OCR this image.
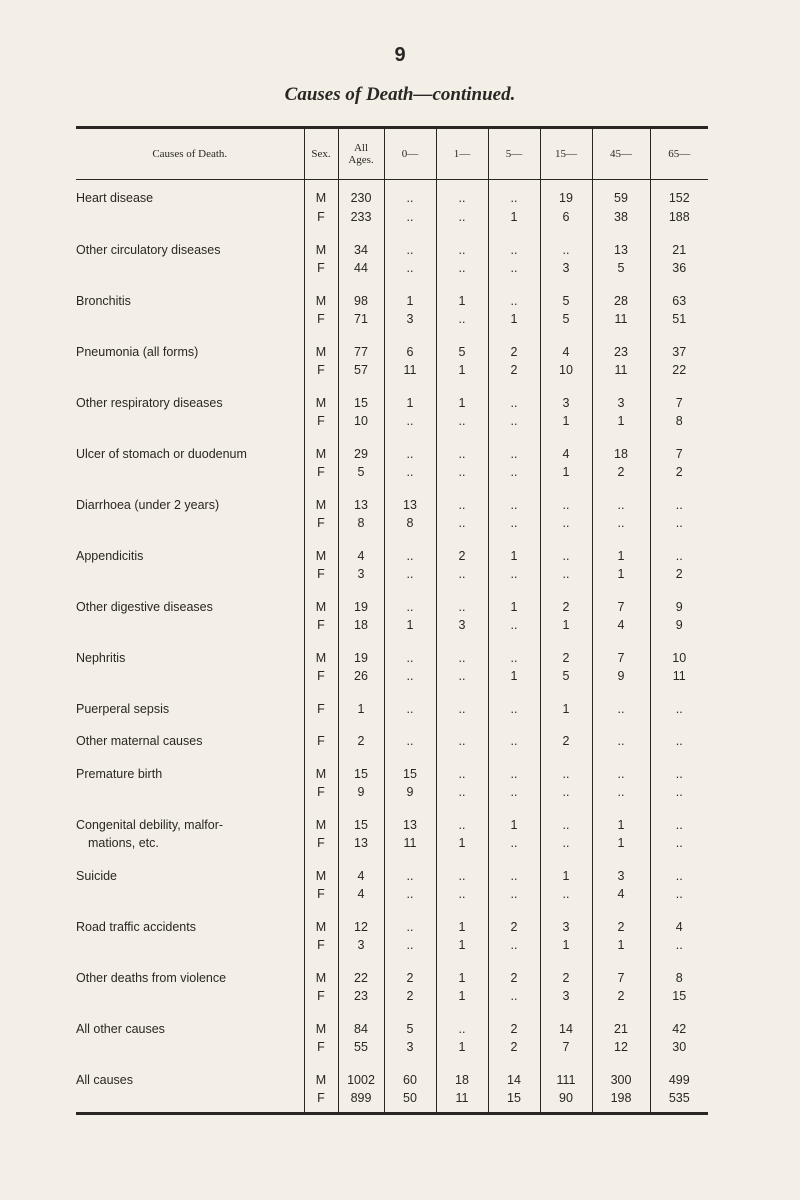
9
Causes of Death—continued.
Causes of Death.	Sex.	All
Ages.	0—	1—	5—	15—	45—	65—
Heart disease	M	230	..	..	..	19	59	152
	F	233	..	..	1	6	38	188

Other circulatory diseases	M	34	..	..	..	..	13	21
	F	44	..	..	..	3	5	36

Bronchitis	M	98	1	1	..	5	28	63
	F	71	3	..	1	5	11	51

Pneumonia (all forms)	M	77	6	5	2	4	23	37
	F	57	11	1	2	10	11	22

Other respiratory diseases	M	15	1	1	..	3	3	7
	F	10	..	..	..	1	1	8

Ulcer of stomach or duodenum	M	29	..	..	..	4	18	7
	F	5	..	..	..	1	2	2

Diarrhoea (under 2 years)	M	13	13	..	..	..	..	..
	F	8	8	..	..	..	..	..

Appendicitis	M	4	..	2	1	..	1	..
	F	3	..	..	..	..	1	2

Other digestive diseases	M	19	..	..	1	2	7	9
	F	18	1	3	..	1	4	9

Nephritis	M	19	..	..	..	2	7	10
	F	26	..	..	1	5	9	11

Puerperal sepsis	F	1	..	..	..	1	..	..

Other maternal causes	F	2	..	..	..	2	..	..

Premature birth	M	15	15	..	..	..	..	..
	F	9	9	..	..	..	..	..

Congenital debility, malfor-	M	15	13	..	1	..	1	..
mations, etc.	F	13	11	1	..	..	1	..

Suicide	M	4	..	..	..	1	3	..
	F	4	..	..	..	..	4	..

Road traffic accidents	M	12	..	1	2	3	2	4
	F	3	..	1	..	1	1	..

Other deaths from violence	M	22	2	1	2	2	7	8
	F	23	2	1	..	3	2	15

All other causes	M	84	5	..	2	14	21	42
	F	55	3	1	2	7	12	30

All causes	M	1002	60	18	14	111	300	499
	F	899	50	11	15	90	198	535
